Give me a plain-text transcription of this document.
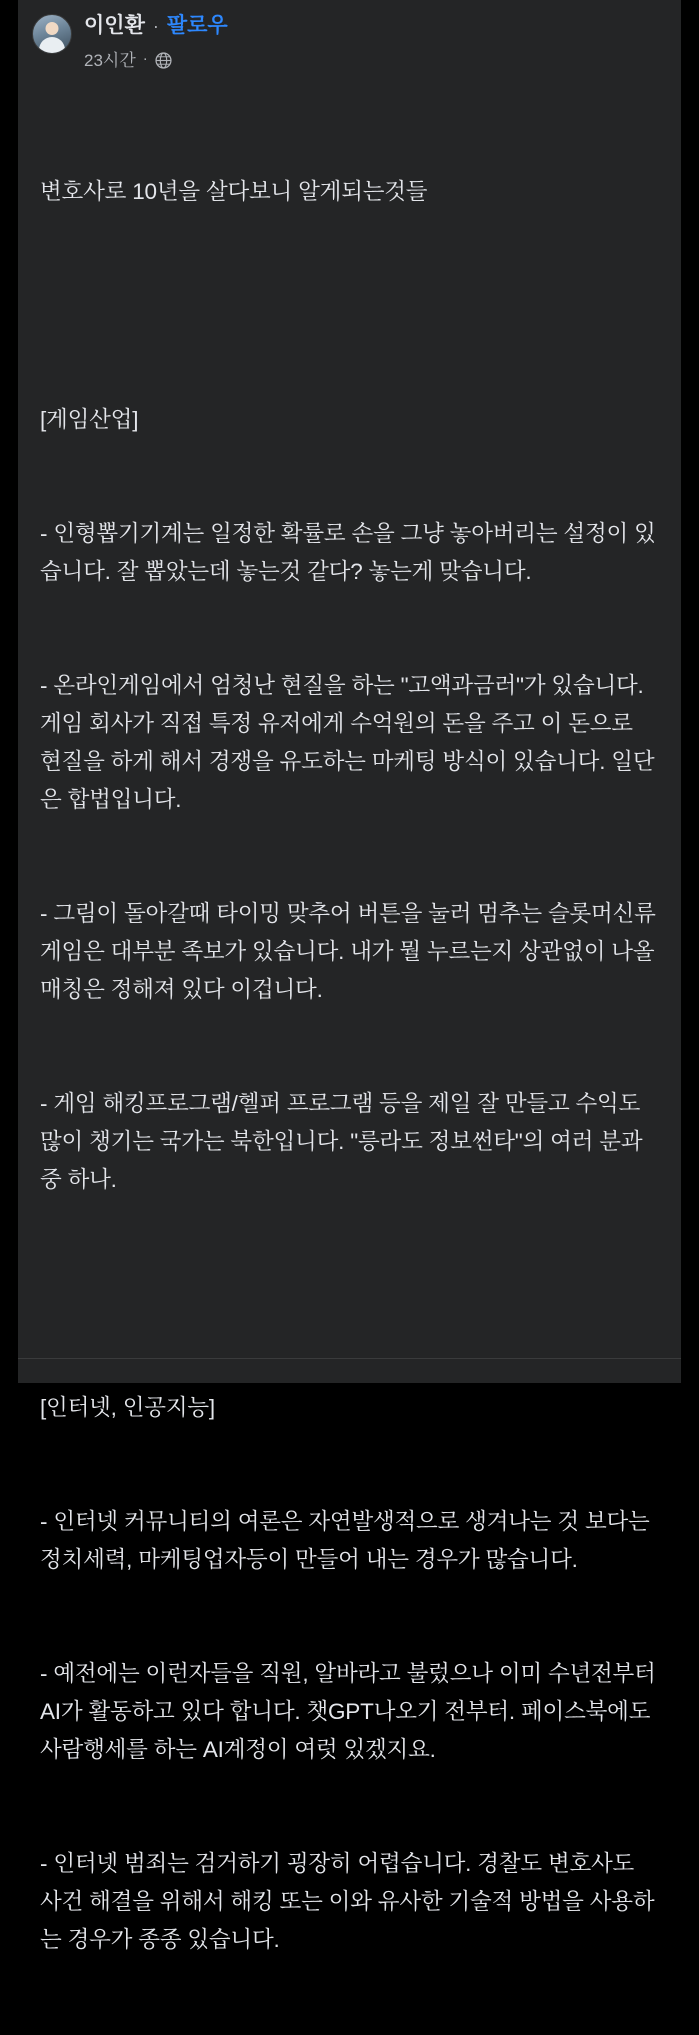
이인환 · 팔로우
23시간 ·

변호사로 10년을 살다보니 알게되는것들

[게임산업]

- 인형뽑기기계는 일정한 확률로 손을 그냥 놓아버리는 설정이 있습니다. 잘 뽑았는데 놓는것 같다? 놓는게 맞습니다.

- 온라인게임에서 엄청난 현질을 하는 "고액과금러"가 있습니다. 게임 회사가 직접 특정 유저에게 수억원의 돈을 주고 이 돈으로 현질을 하게 해서 경쟁을 유도하는 마케팅 방식이 있습니다. 일단은 합법입니다.

- 그림이 돌아갈때 타이밍 맞추어 버튼을 눌러 멈추는 슬롯머신류 게임은 대부분 족보가 있습니다. 내가 뭘 누르는지 상관없이 나올 매칭은 정해져 있다 이겁니다.

- 게임 해킹프로그램/헬퍼 프로그램 등을 제일 잘 만들고 수익도 많이 챙기는 국가는 북한입니다. "릉라도 정보썬타"의 여러 분과중 하나.

[인터넷, 인공지능]

- 인터넷 커뮤니티의 여론은 자연발생적으로 생겨나는 것 보다는 정치세력, 마케팅업자등이 만들어 내는 경우가 많습니다.

- 예전에는 이런자들을 직원, 알바라고 불렀으나 이미 수년전부터 AI가 활동하고 있다 합니다. 챗GPT나오기 전부터. 페이스북에도 사람행세를 하는 AI계정이 여럿 있겠지요.

- 인터넷 범죄는 검거하기 굉장히 어렵습니다. 경찰도 변호사도 사건 해결을 위해서 해킹 또는 이와 유사한 기술적 방법을 사용하는 경우가 종종 있습니다.
